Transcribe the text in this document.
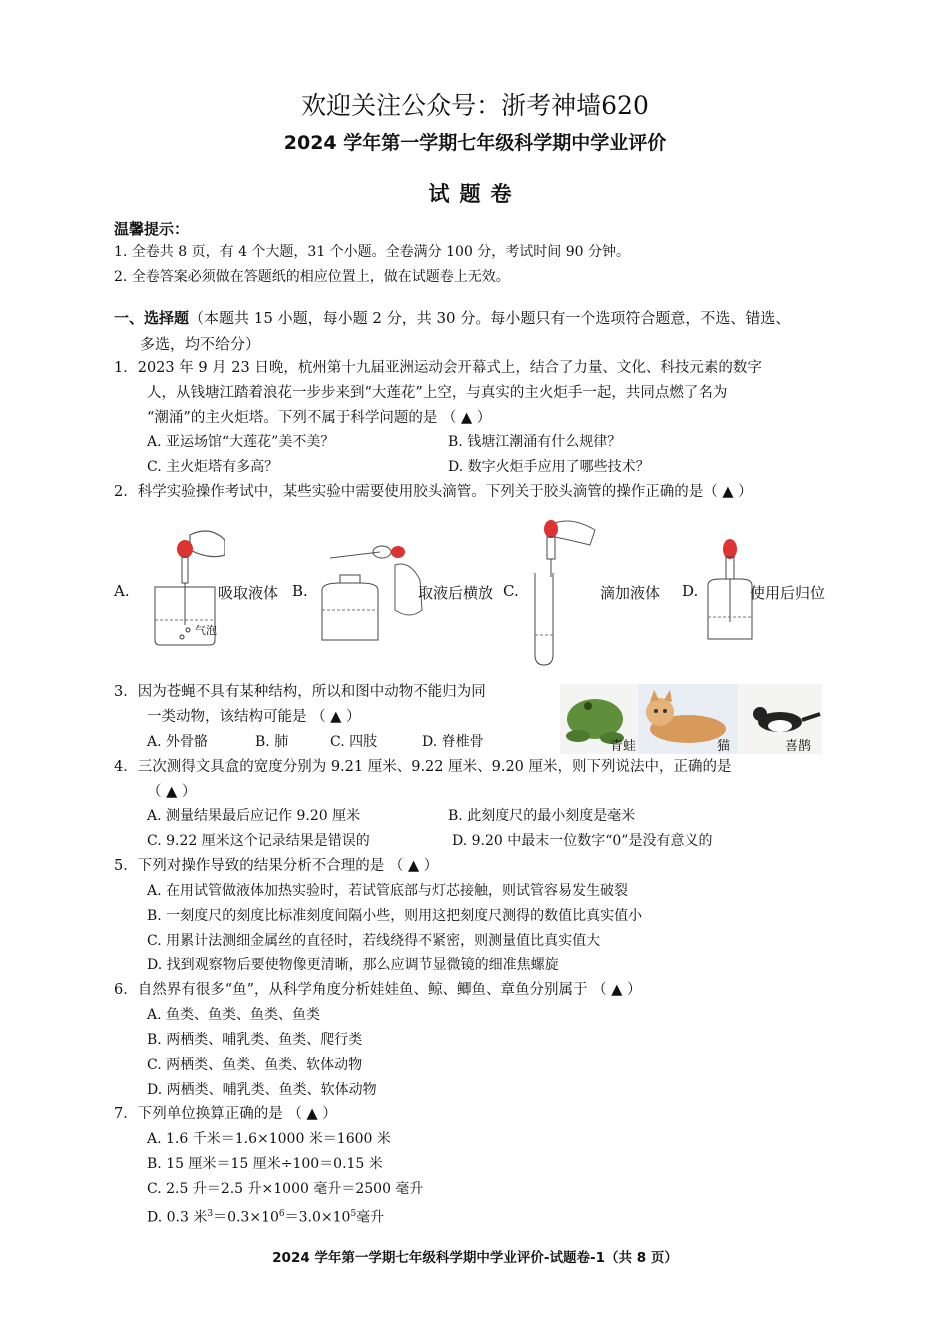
欢迎关注公众号：浙考神墙620
2024 学年第一学期七年级科学期中学业评价
试题卷
温馨提示：
1. 全卷共 8 页，有 4 个大题，31 个小题。全卷满分 100 分，考试时间 90 分钟。
2. 全卷答案必须做在答题纸的相应位置上，做在试题卷上无效。
一、选择题（本题共 15 小题，每小题 2 分，共 30 分。每小题只有一个选项符合题意，不选、错选、
多选，均不给分）
1．2023 年 9 月 23 日晚，杭州第十九届亚洲运动会开幕式上，结合了力量、文化、科技元素的数字
人，从钱塘江踏着浪花一步步来到“大莲花”上空，与真实的主火炬手一起，共同点燃了名为
“潮涌”的主火炬塔。下列不属于科学问题的是 （ ▲ ）
A. 亚运场馆“大莲花”美不美？	B. 钱塘江潮涌有什么规律？
C. 主火炬塔有多高？	D. 数字火炬手应用了哪些技术？
2．科学实验操作考试中，某些实验中需要使用胶头滴管。下列关于胶头滴管的操作正确的是（ ▲ ）
A.
气泡
吸取液体 B.	取液后横放 C.	滴加液体 D.	使用后归位
3．因为苍蝇不具有某种结构，所以和图中动物不能归为同
一类动物，该结构可能是 （ ▲ ）
A. 外骨骼	B. 肺	C. 四肢	D. 脊椎骨	青蛙	猫	喜鹊
4．三次测得文具盒的宽度分别为 9.21 厘米、9.22 厘米、9.20 厘米，则下列说法中，正确的是
（ ▲ ）
A. 测量结果最后应记作 9.20 厘米	B. 此刻度尺的最小刻度是毫米
C. 9.22 厘米这个记录结果是错误的	D. 9.20 中最末一位数字“0”是没有意义的
5．下列对操作导致的结果分析不合理的是 （ ▲ ）
A. 在用试管做液体加热实验时，若试管底部与灯芯接触，则试管容易发生破裂
B. 一刻度尺的刻度比标准刻度间隔小些，则用这把刻度尺测得的数值比真实值小
C. 用累计法测细金属丝的直径时，若线绕得不紧密，则测量值比真实值大
D. 找到观察物后要使物像更清晰，那么应调节显微镜的细准焦螺旋
6．自然界有很多“鱼”，从科学角度分析娃娃鱼、鲸、鲫鱼、章鱼分别属于 （ ▲ ）
A. 鱼类、鱼类、鱼类、鱼类
B. 两栖类、哺乳类、鱼类、爬行类
C. 两栖类、鱼类、鱼类、软体动物
D. 两栖类、哺乳类、鱼类、软体动物
7．下列单位换算正确的是 （ ▲ ）
A. 1.6 千米＝1.6×1000 米＝1600 米
B. 15 厘米＝15 厘米÷100＝0.15 米
C. 2.5 升＝2.5 升×1000 毫升＝2500 毫升
D. 0.3 米$^3=0.3\times 10^6=3.0\times 10^5$毫升
2024 学年第一学期七年级科学期中学业评价-试题卷-1（共 8 页）
